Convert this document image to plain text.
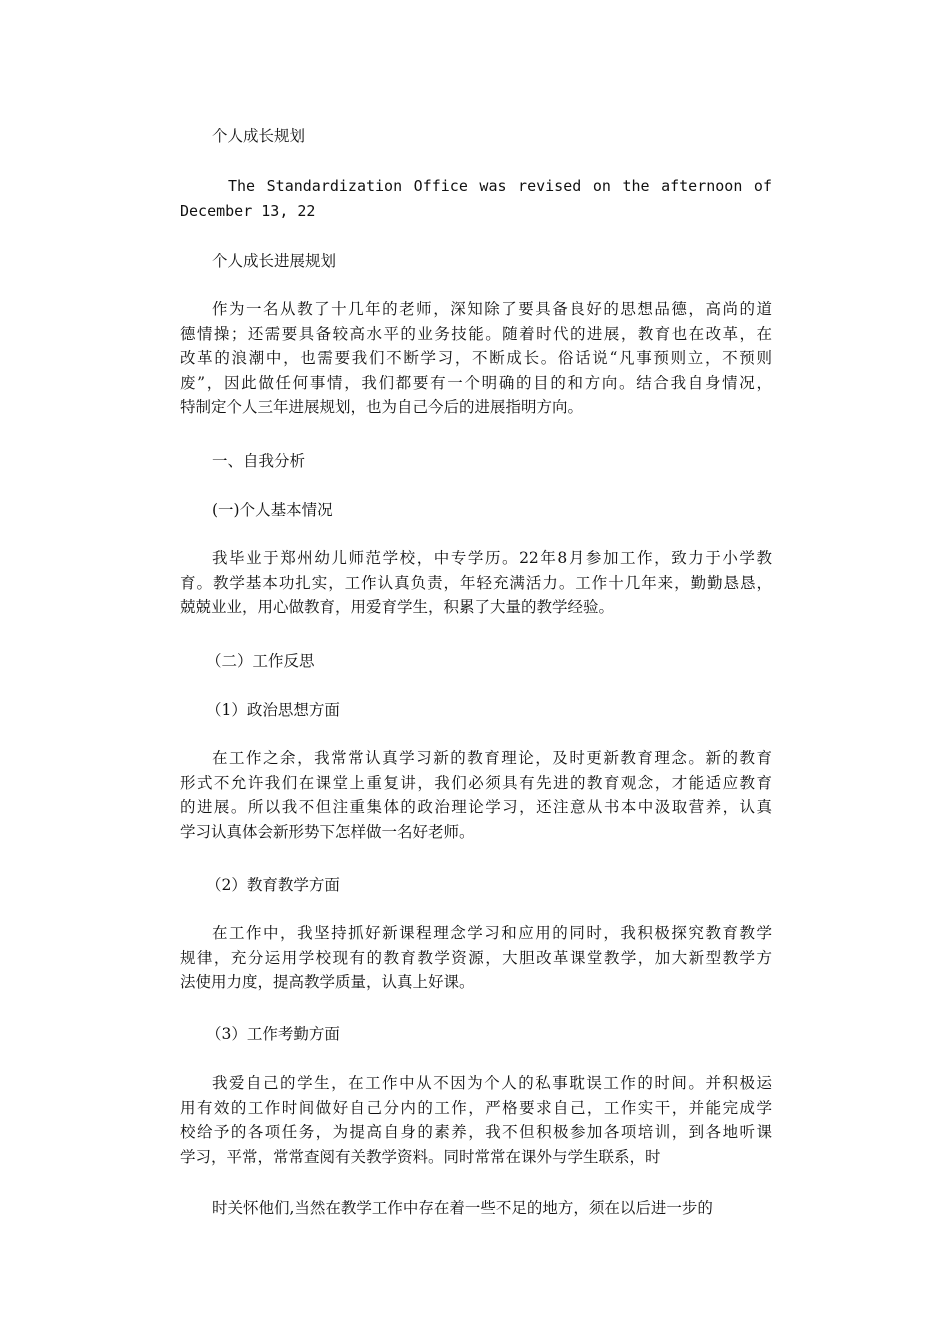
个人成长规划
The Standardization Office was revised on the afternoon of
December 13, 22
个人成长进展规划
作为一名从教了十几年的老师，深知除了要具备良好的思想品德，高尚的道
德情操；还需要具备较高水平的业务技能。随着时代的进展，教育也在改革，在
改革的浪潮中，也需要我们不断学习，不断成长。俗话说“凡事预则立，不预则
废”，因此做任何事情，我们都要有一个明确的目的和方向。结合我自身情况，
特制定个人三年进展规划，也为自己今后的进展指明方向。
一、自我分析
(一)个人基本情况
我毕业于郑州幼儿师范学校，中专学历。22年8月参加工作，致力于小学教
育。教学基本功扎实，工作认真负责，年轻充满活力。工作十几年来，勤勤恳恳，
兢兢业业，用心做教育，用爱育学生，积累了大量的教学经验。
（二）工作反思
（1）政治思想方面
在工作之余，我常常认真学习新的教育理论，及时更新教育理念。新的教育
形式不允许我们在课堂上重复讲，我们必须具有先进的教育观念，才能适应教育
的进展。所以我不但注重集体的政治理论学习，还注意从书本中汲取营养，认真
学习认真体会新形势下怎样做一名好老师。
（2）教育教学方面
在工作中，我坚持抓好新课程理念学习和应用的同时，我积极探究教育教学
规律，充分运用学校现有的教育教学资源，大胆改革课堂教学，加大新型教学方
法使用力度，提高教学质量，认真上好课。
（3）工作考勤方面
我爱自己的学生，在工作中从不因为个人的私事耽误工作的时间。并积极运
用有效的工作时间做好自己分内的工作，严格要求自己，工作实干，并能完成学
校给予的各项任务，为提高自身的素养，我不但积极参加各项培训，到各地听课
学习，平常，常常查阅有关教学资料。同时常常在课外与学生联系，时
时关怀他们,当然在教学工作中存在着一些不足的地方，须在以后进一步的
